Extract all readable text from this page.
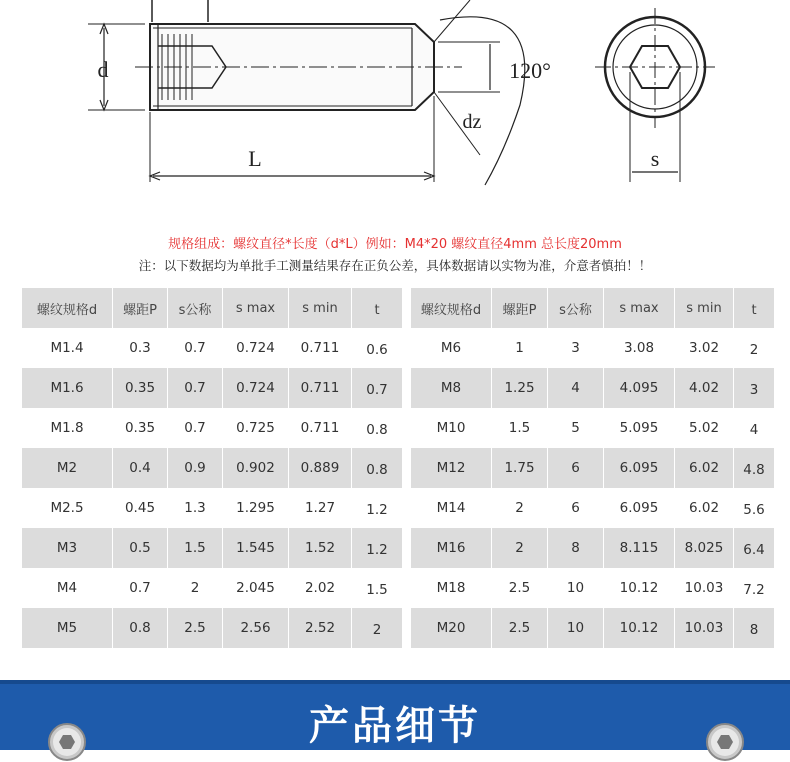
d
L
120°
dz
s
规格组成：螺纹直径*长度（d*L）例如：M4*20 螺纹直径4mm 总长度20mm
注：以下数据均为单批手工测量结果存在正负公差，具体数据请以实物为准，介意者慎拍！！
螺纹规格d	螺距P	s公称	s max	s min	t
M1.4	0.3	0.7	0.724	0.711	0.6
M1.6	0.35	0.7	0.724	0.711	0.7
M1.8	0.35	0.7	0.725	0.711	0.8
M2	0.4	0.9	0.902	0.889	0.8
M2.5	0.45	1.3	1.295	1.27	1.2
M3	0.5	1.5	1.545	1.52	1.2
M4	0.7	2	2.045	2.02	1.5
M5	0.8	2.5	2.56	2.52	2
螺纹规格d	螺距P	s公称	s max	s min	t
M6	1	3	3.08	3.02	2
M8	1.25	4	4.095	4.02	3
M10	1.5	5	5.095	5.02	4
M12	1.75	6	6.095	6.02	4.8
M14	2	6	6.095	6.02	5.6
M16	2	8	8.115	8.025	6.4
M18	2.5	10	10.12	10.03	7.2
M20	2.5	10	10.12	10.03	8
产品细节
